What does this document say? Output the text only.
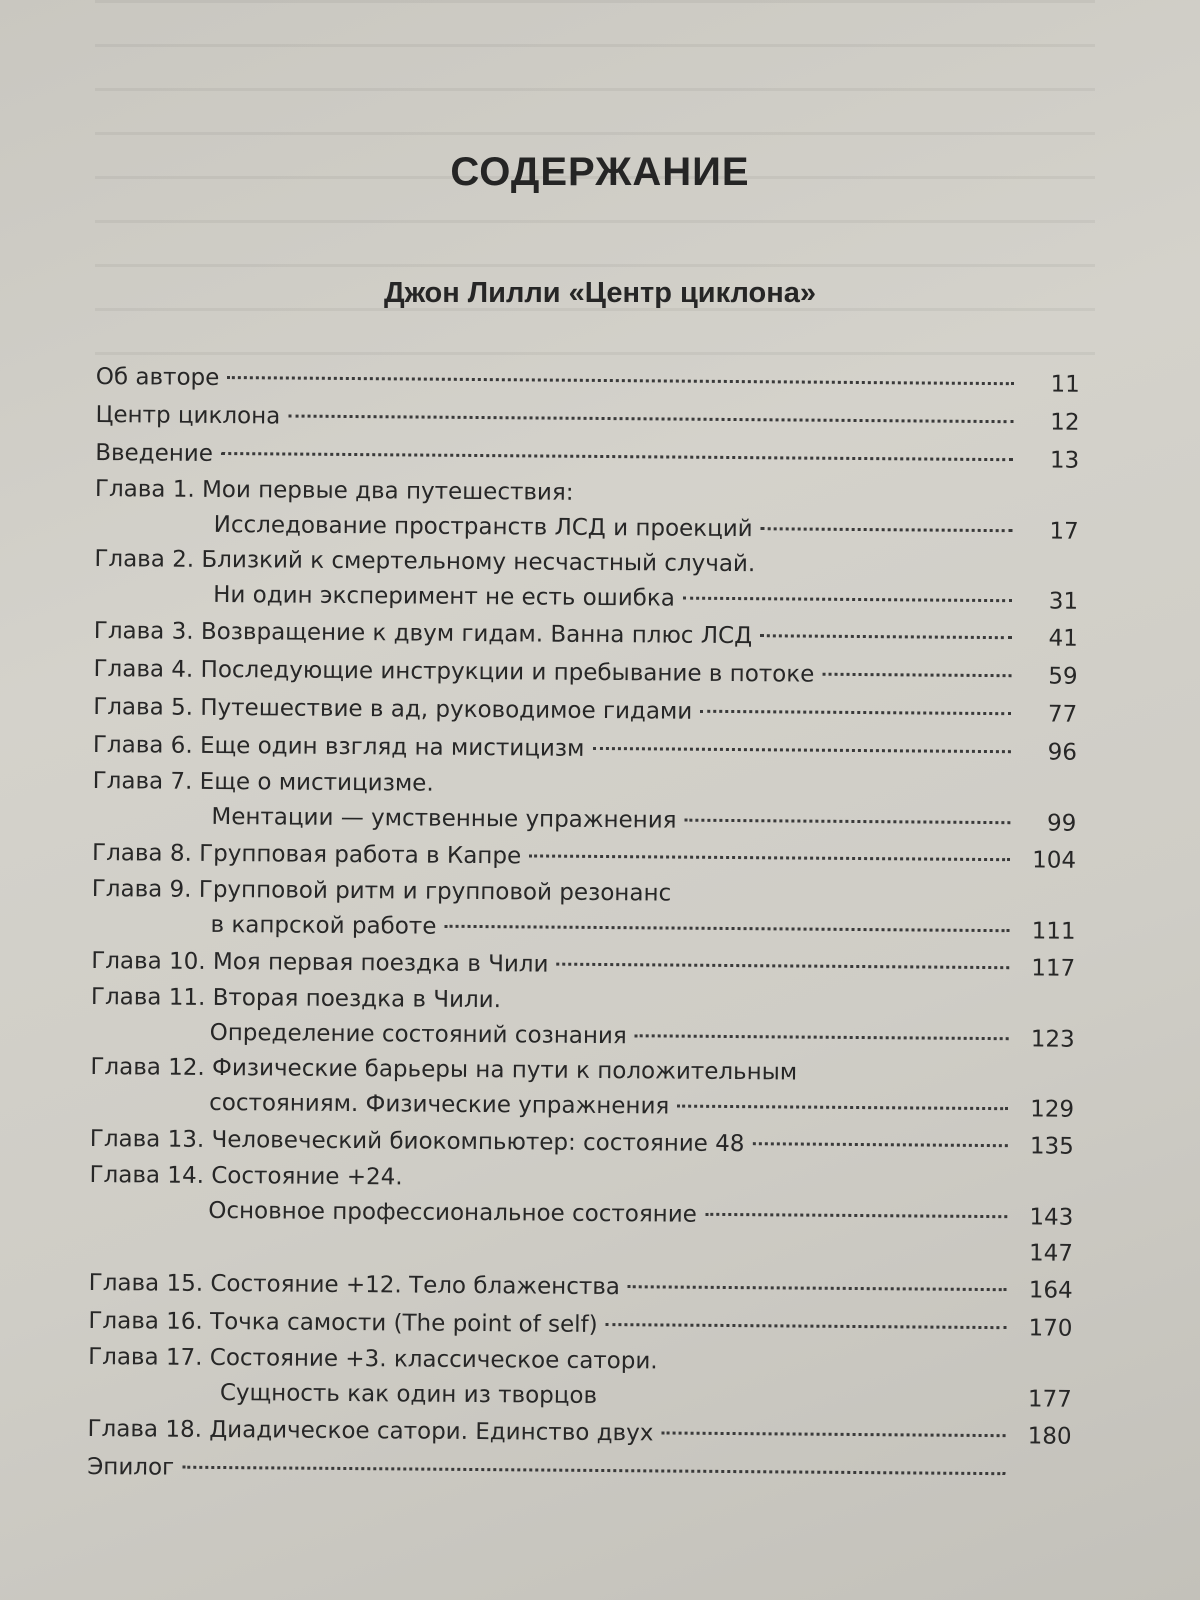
СОДЕРЖАНИЕ
Джон Лилли «Центр циклона»
Об авторе	11
Центр циклона	12
Введение	13
Глава 1. Мои первые два путешествия:
Исследование пространств ЛСД и проекций	17
Глава 2. Близкий к смертельному несчастный случай.
Ни один эксперимент не есть ошибка	31
Глава 3. Возвращение к двум гидам. Ванна плюс ЛСД	41
Глава 4. Последующие инструкции и пребывание в потоке	59
Глава 5. Путешествие в ад, руководимое гидами	77
Глава 6. Еще один взгляд на мистицизм	96
Глава 7. Еще о мистицизме.
Ментации — умственные упражнения	99
Глава 8. Групповая работа в Капре	104
Глава 9. Групповой ритм и групповой резонанс
в капрской работе	111
Глава 10. Моя первая поездка в Чили	117
Глава 11. Вторая поездка в Чили.
Определение состояний сознания	123
Глава 12. Физические барьеры на пути к положительным
состояниям. Физические упражнения	129
Глава 13. Человеческий биокомпьютер: состояние 48	135
Глава 14. Состояние +24.
Основное профессиональное состояние	143
147
Глава 15. Состояние +12. Тело блаженства	164
Глава 16. Точка самости (The point of self)	170
Глава 17. Состояние +3. классическое сатори.
Сущность как один из творцов	177
Глава 18. Диадическое сатори. Единство двух	180
Эпилог
